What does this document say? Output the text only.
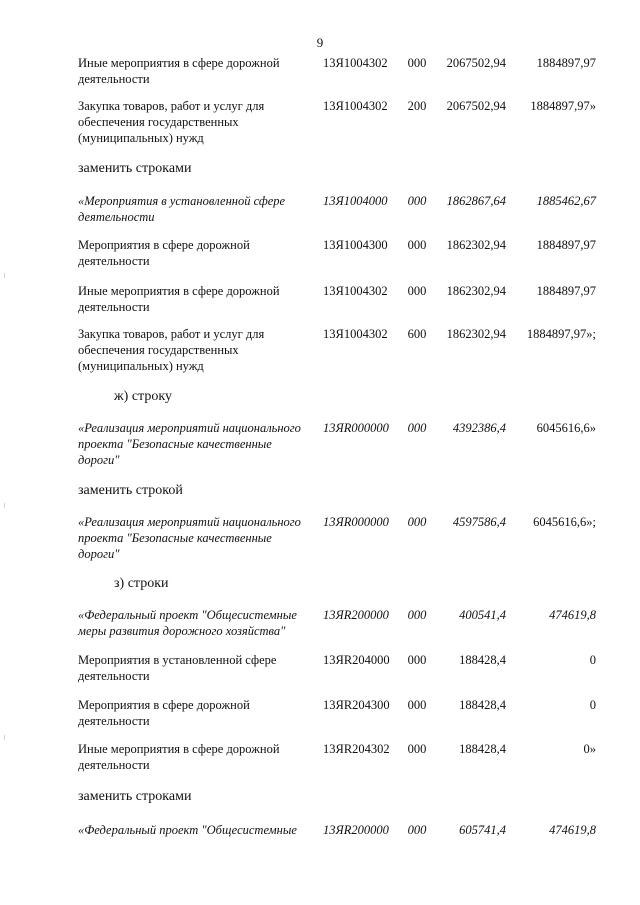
9
Иные мероприятия в сфере дорожной деятельности
13Я1004302 000	2067502,94	1884897,97
Закупка товаров, работ и услуг для обеспечения государственных (муниципальных) нужд
13Я1004302 200	2067502,94	1884897,97»
заменить строками
«Мероприятия в установленной сфере деятельности
13Я1004000 000	1862867,64	1885462,67
Мероприятия в сфере дорожной деятельности
13Я1004300 000	1862302,94	1884897,97
Иные мероприятия в сфере дорожной деятельности
13Я1004302 000	1862302,94	1884897,97
Закупка товаров, работ и услуг для обеспечения государственных (муниципальных) нужд
13Я1004302 600	1862302,94	1884897,97»;
ж) строку
«Реализация мероприятий национального проекта "Безопасные качественные дороги"
13ЯR000000 000	4392386,4	6045616,6»
заменить строкой
«Реализация мероприятий национального проекта "Безопасные качественные дороги"
13ЯR000000 000	4597586,4	6045616,6»;
з) строки
«Федеральный проект "Общесистемные меры развития дорожного хозяйства"
13ЯR200000 000	400541,4	474619,8
Мероприятия в установленной сфере деятельности
13ЯR204000 000	188428,4	0
Мероприятия в сфере дорожной деятельности
13ЯR204300 000	188428,4	0
Иные мероприятия в сфере дорожной деятельности
13ЯR204302 000	188428,4	0»
заменить строками
«Федеральный проект "Общесистемные	13ЯR200000 000	605741,4	474619,8
